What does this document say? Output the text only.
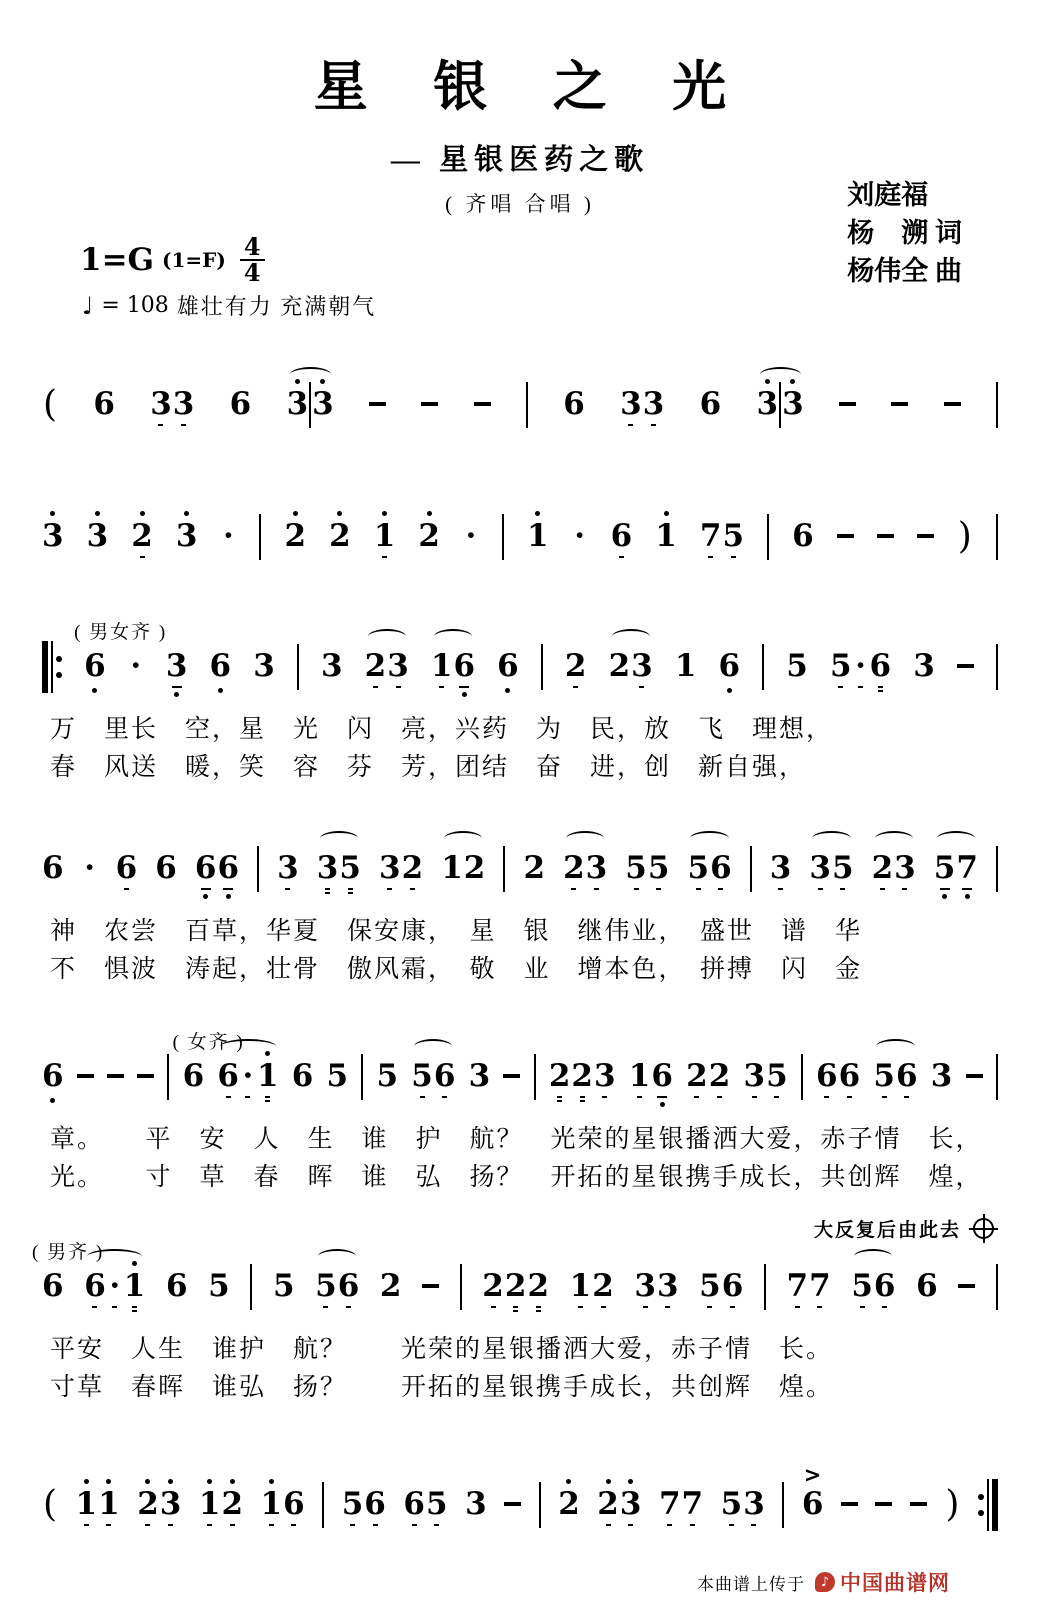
星 银 之 光
— 星银医药之歌
( 齐唱 合唱 )	刘庭福
杨　溯 词
杨伟全 曲
1=G $(1=F) \frac{4}{4}$
♩ = 108 雄壮有力 充满朝气
( 6 3 3 6 3 3	6 3 3 6 3 3
3 3 2 3 · 2 2 1 2 · 1 · 6 1 7 5 6	)
( 男女齐 )
6 · 3 6 3 3 2 3 1 6 6 2 2 3 1 6 5 5 · 6 3
万　里长　空，星　光　闪　亮，兴药　为　民，放　飞　理想，
春　风送　暖，笑　容　芬　芳，团结　奋　进，创　新自强，
6 · 6 6 6 6 3 3 5 3 2 1 2 2 2 3 5 5 5 6 3 3 5 2 3 5 7
神　农尝　百草，华夏　保安康，　星　银　继伟业，　盛世　谱　华
不　惧波　涛起，壮骨　傲风霜，　敬　业　增本色，　拼搏　闪　金
6
( 女齐 )
6 6 · 1 6 5 5 5 6 3 2 2 3 1 6 2 2 3 5 6 6 5 6 3
章。　　平　安　人　生　谁　护　航？　光荣的星银播洒大爱，赤子情　长，
光。　　寸　草　春　晖　谁　弘　扬？　开拓的星银携手成长，共创辉　煌，
大反复后由此去
( 男齐 )
6 6 · 1 6 5 5 5 6 2	2 2 2 1 2 3 3 5 6 7 7 5 6 6
平安　人生　谁护　航？　　光荣的星银播洒大爱，赤子情　长。
寸草　春晖　谁弘　扬？　　开拓的星银携手成长，共创辉　煌。
( 1 1 2 3 1 2 1 6 5 6 6 5 3 2 2 3 7 7 5 3
>
6	)
本曲谱上传于	♪ 中国曲谱网
